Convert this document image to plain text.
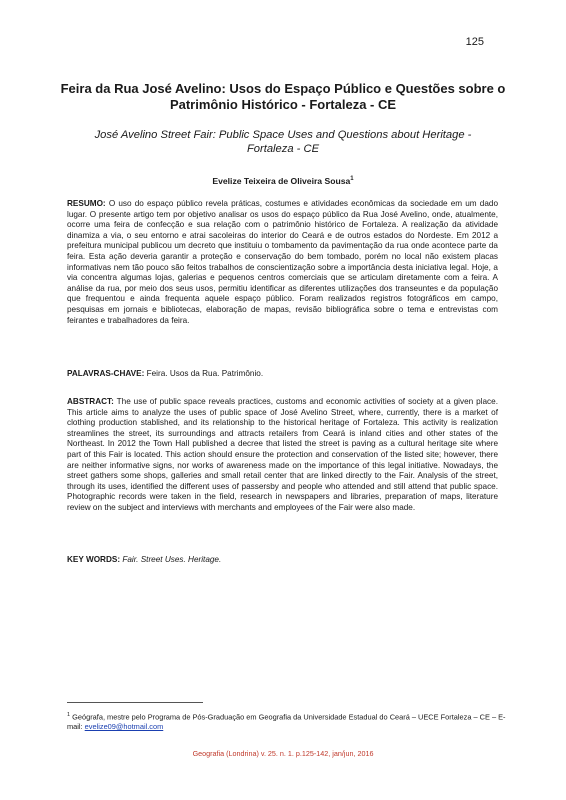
125
Feira da Rua José Avelino: Usos do Espaço Público e Questões sobre o Patrimônio Histórico - Fortaleza - CE
José Avelino Street Fair: Public Space Uses and Questions about Heritage - Fortaleza - CE
Evelize Teixeira de Oliveira Sousa$^1$
RESUMO: O uso do espaço público revela práticas, costumes e atividades econômicas da sociedade em um dado lugar. O presente artigo tem por objetivo analisar os usos do espaço público da Rua José Avelino, onde, atualmente, ocorre uma feira de confecção e sua relação com o patrimônio histórico de Fortaleza. A realização da atividade dinamiza a via, o seu entorno e atrai sacoleiras do interior do Ceará e de outros estados do Nordeste. Em 2012 a prefeitura municipal publicou um decreto que instituiu o tombamento da pavimentação da rua onde acontece parte da feira. Esta ação deveria garantir a proteção e conservação do bem tombado, porém no local não existem placas informativas nem tão pouco são feitos trabalhos de conscientização sobre a importância desta iniciativa legal. Hoje, a via concentra algumas lojas, galerias e pequenos centros comerciais que se articulam diretamente com a feira. A análise da rua, por meio dos seus usos, permitiu identificar as diferentes utilizações dos transeuntes e da população que frequentou e ainda frequenta aquele espaço público. Foram realizados registros fotográficos em campo, pesquisas em jornais e bibliotecas, elaboração de mapas, revisão bibliográfica sobre o tema e entrevistas com feirantes e trabalhadores da feira.
PALAVRAS-CHAVE: Feira. Usos da Rua. Patrimônio.
ABSTRACT: The use of public space reveals practices, customs and economic activities of society at a given place. This article aims to analyze the uses of public space of José Avelino Street, where, currently, there is a market of clothing production stablished, and its relationship to the historical heritage of Fortaleza. This activity is realization streamlines the street, its surroundings and attracts retailers from Ceará is inland cities and other states of the Northeast. In 2012 the Town Hall published a decree that listed the street is paving as a cultural heritage site where part of this Fair is located. This action should ensure the protection and conservation of the listed site; however, there are neither informative signs, nor works of awareness made on the importance of this legal initiative. Nowadays, the street gathers some shops, galleries and small retail center that are linked directly to the Fair. Analysis of the street, through its uses, identified the different uses of passersby and people who attended and still attend that public space. Photographic records were taken in the field, research in newspapers and libraries, preparation of maps, literature review on the subject and interviews with merchants and employees of the Fair were also made.
KEY WORDS: Fair. Street Uses. Heritage.
$^1$ Geógrafa, mestre pelo Programa de Pós-Graduação em Geografia da Universidade Estadual do Ceará – UECE Fortaleza – CE – E-mail: evelize09@hotmail.com
Geografia (Londrina) v. 25. n. 1. p.125-142, jan/jun, 2016
